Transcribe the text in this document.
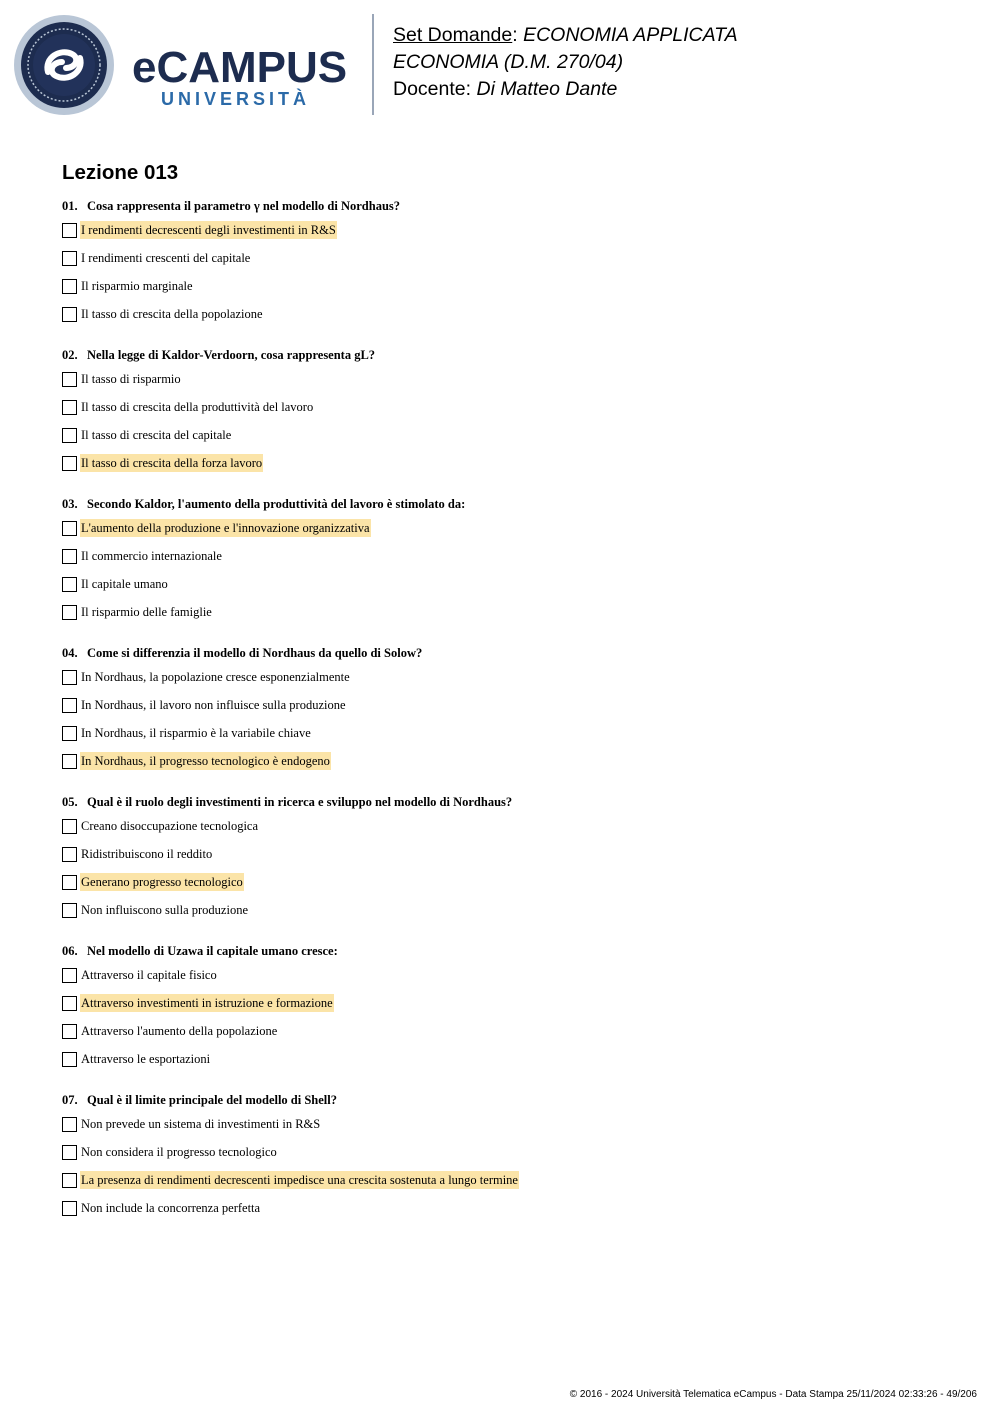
eCAMPUS
UNIVERSITÀ
Set Domande: ECONOMIA APPLICATA
ECONOMIA (D.M. 270/04)
Docente: Di Matteo Dante
Lezione 013
01. Cosa rappresenta il parametro γ nel modello di Nordhaus?
I rendimenti decrescenti degli investimenti in R&S
I rendimenti crescenti del capitale
Il risparmio marginale
Il tasso di crescita della popolazione
02. Nella legge di Kaldor-Verdoorn, cosa rappresenta gL?
Il tasso di risparmio
Il tasso di crescita della produttività del lavoro
Il tasso di crescita del capitale
Il tasso di crescita della forza lavoro
03. Secondo Kaldor, l'aumento della produttività del lavoro è stimolato da:
L'aumento della produzione e l'innovazione organizzativa
Il commercio internazionale
Il capitale umano
Il risparmio delle famiglie
04. Come si differenzia il modello di Nordhaus da quello di Solow?
In Nordhaus, la popolazione cresce esponenzialmente
In Nordhaus, il lavoro non influisce sulla produzione
In Nordhaus, il risparmio è la variabile chiave
In Nordhaus, il progresso tecnologico è endogeno
05. Qual è il ruolo degli investimenti in ricerca e sviluppo nel modello di Nordhaus?
Creano disoccupazione tecnologica
Ridistribuiscono il reddito
Generano progresso tecnologico
Non influiscono sulla produzione
06. Nel modello di Uzawa il capitale umano cresce:
Attraverso il capitale fisico
Attraverso investimenti in istruzione e formazione
Attraverso l'aumento della popolazione
Attraverso le esportazioni
07. Qual è il limite principale del modello di Shell?
Non prevede un sistema di investimenti in R&S
Non considera il progresso tecnologico
La presenza di rendimenti decrescenti impedisce una crescita sostenuta a lungo termine
Non include la concorrenza perfetta
© 2016 - 2024 Università Telematica eCampus - Data Stampa 25/11/2024 02:33:26 - 49/206
